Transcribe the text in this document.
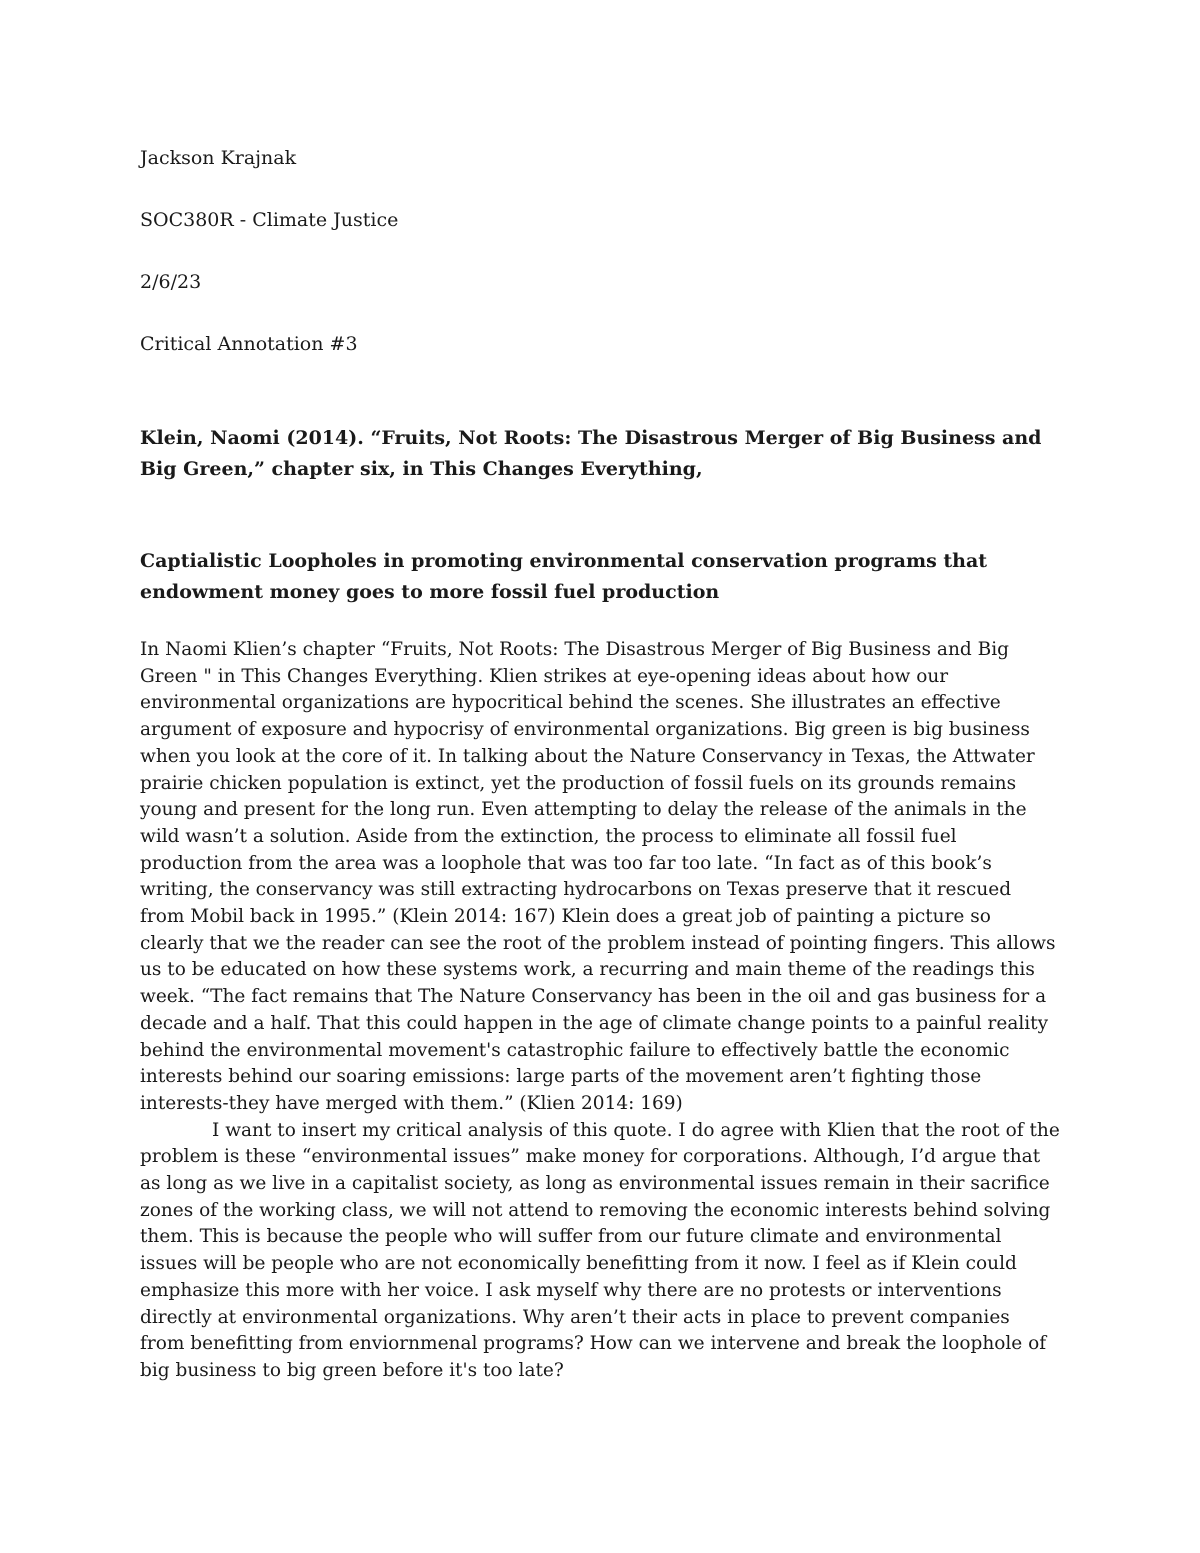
Jackson Krajnak
SOC380R - Climate Justice
2/6/23
Critical Annotation #3
Klein, Naomi (2014). “Fruits, Not Roots: The Disastrous Merger of Big Business and Big Green,” chapter six, in This Changes Everything,
Captialistic Loopholes in promoting environmental conservation programs that endowment money goes to more fossil fuel production

In Naomi Klien’s chapter “Fruits, Not Roots: The Disastrous Merger of Big Business and Big Green " in This Changes Everything. Klien strikes at eye-opening ideas about how our environmental organizations are hypocritical behind the scenes. She illustrates an effective argument of exposure and hypocrisy of environmental organizations. Big green is big business when you look at the core of it. In talking about the Nature Conservancy in Texas, the Attwater prairie chicken population is extinct, yet the production of fossil fuels on its grounds remains young and present for the long run. Even attempting to delay the release of the animals in the wild wasn’t a solution. Aside from the extinction, the process to eliminate all fossil fuel production from the area was a loophole that was too far too late. “In fact as of this book’s writing, the conservancy was still extracting hydrocarbons on Texas preserve that it rescued from Mobil back in 1995.” (Klein 2014: 167) Klein does a great job of painting a picture so clearly that we the reader can see the root of the problem instead of pointing fingers. This allows us to be educated on how these systems work, a recurring and main theme of the readings this week. “The fact remains that The Nature Conservancy has been in the oil and gas business for a decade and a half. That this could happen in the age of climate change points to a painful reality behind the environmental movement's catastrophic failure to effectively battle the economic interests behind our soaring emissions: large parts of the movement aren’t fighting those interests-they have merged with them.” (Klien 2014: 169)

I want to insert my critical analysis of this quote. I do agree with Klien that the root of the problem is these “environmental issues” make money for corporations. Although, I’d argue that as long as we live in a capitalist society, as long as environmental issues remain in their sacrifice zones of the working class, we will not attend to removing the economic interests behind solving them. This is because the people who will suffer from our future climate and environmental issues will be people who are not economically benefitting from it now. I feel as if Klein could emphasize this more with her voice. I ask myself why there are no protests or interventions directly at environmental organizations. Why aren’t their acts in place to prevent companies from benefitting from enviornmenal programs? How can we intervene and break the loophole of big business to big green before it's too late?
